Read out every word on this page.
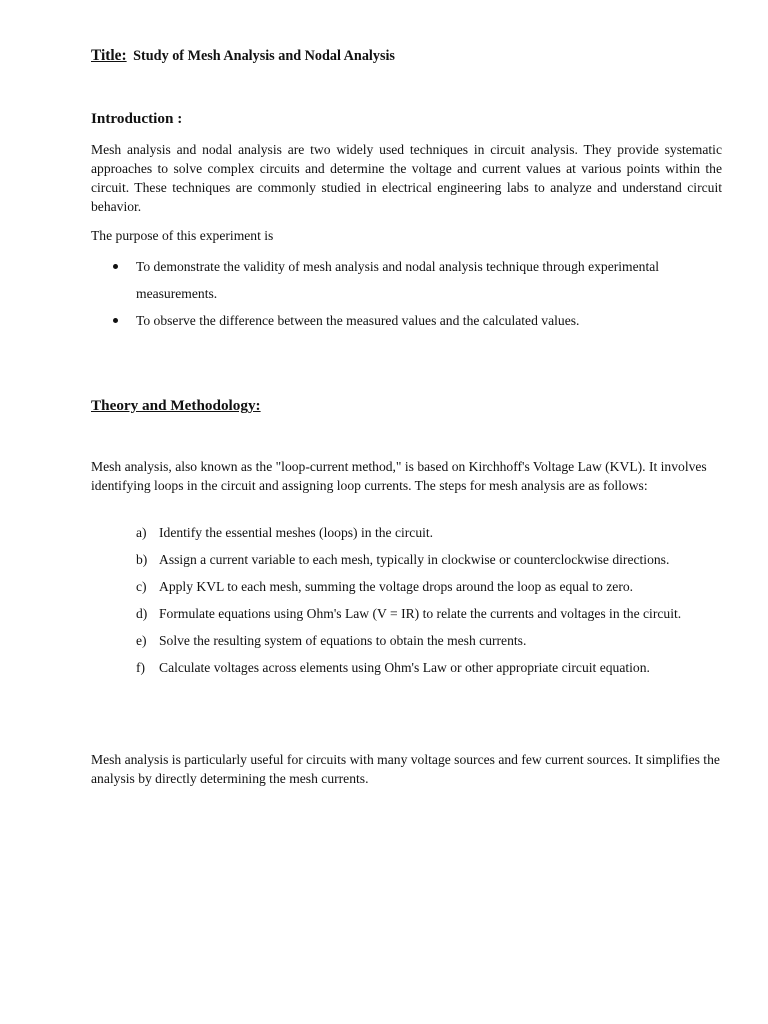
Title: Study of Mesh Analysis and Nodal Analysis
Introduction :

Mesh analysis and nodal analysis are two widely used techniques in circuit analysis. They provide systematic approaches to solve complex circuits and determine the voltage and current values at various points within the circuit. These techniques are commonly studied in electrical engineering labs to analyze and understand circuit behavior.

The purpose of this experiment is

To demonstrate the validity of mesh analysis and nodal analysis technique through experimental measurements.
To observe the difference between the measured values and the calculated values.
Theory and Methodology:

Mesh analysis, also known as the "loop-current method," is based on Kirchhoff's Voltage Law (KVL). It involves identifying loops in the circuit and assigning loop currents. The steps for mesh analysis are as follows:

a) Identify the essential meshes (loops) in the circuit.
b) Assign a current variable to each mesh, typically in clockwise or counterclockwise directions.
c) Apply KVL to each mesh, summing the voltage drops around the loop as equal to zero.
d) Formulate equations using Ohm's Law (V = IR) to relate the currents and voltages in the circuit.
e) Solve the resulting system of equations to obtain the mesh currents.
f) Calculate voltages across elements using Ohm's Law or other appropriate circuit equation.

Mesh analysis is particularly useful for circuits with many voltage sources and few current sources. It simplifies the analysis by directly determining the mesh currents.
